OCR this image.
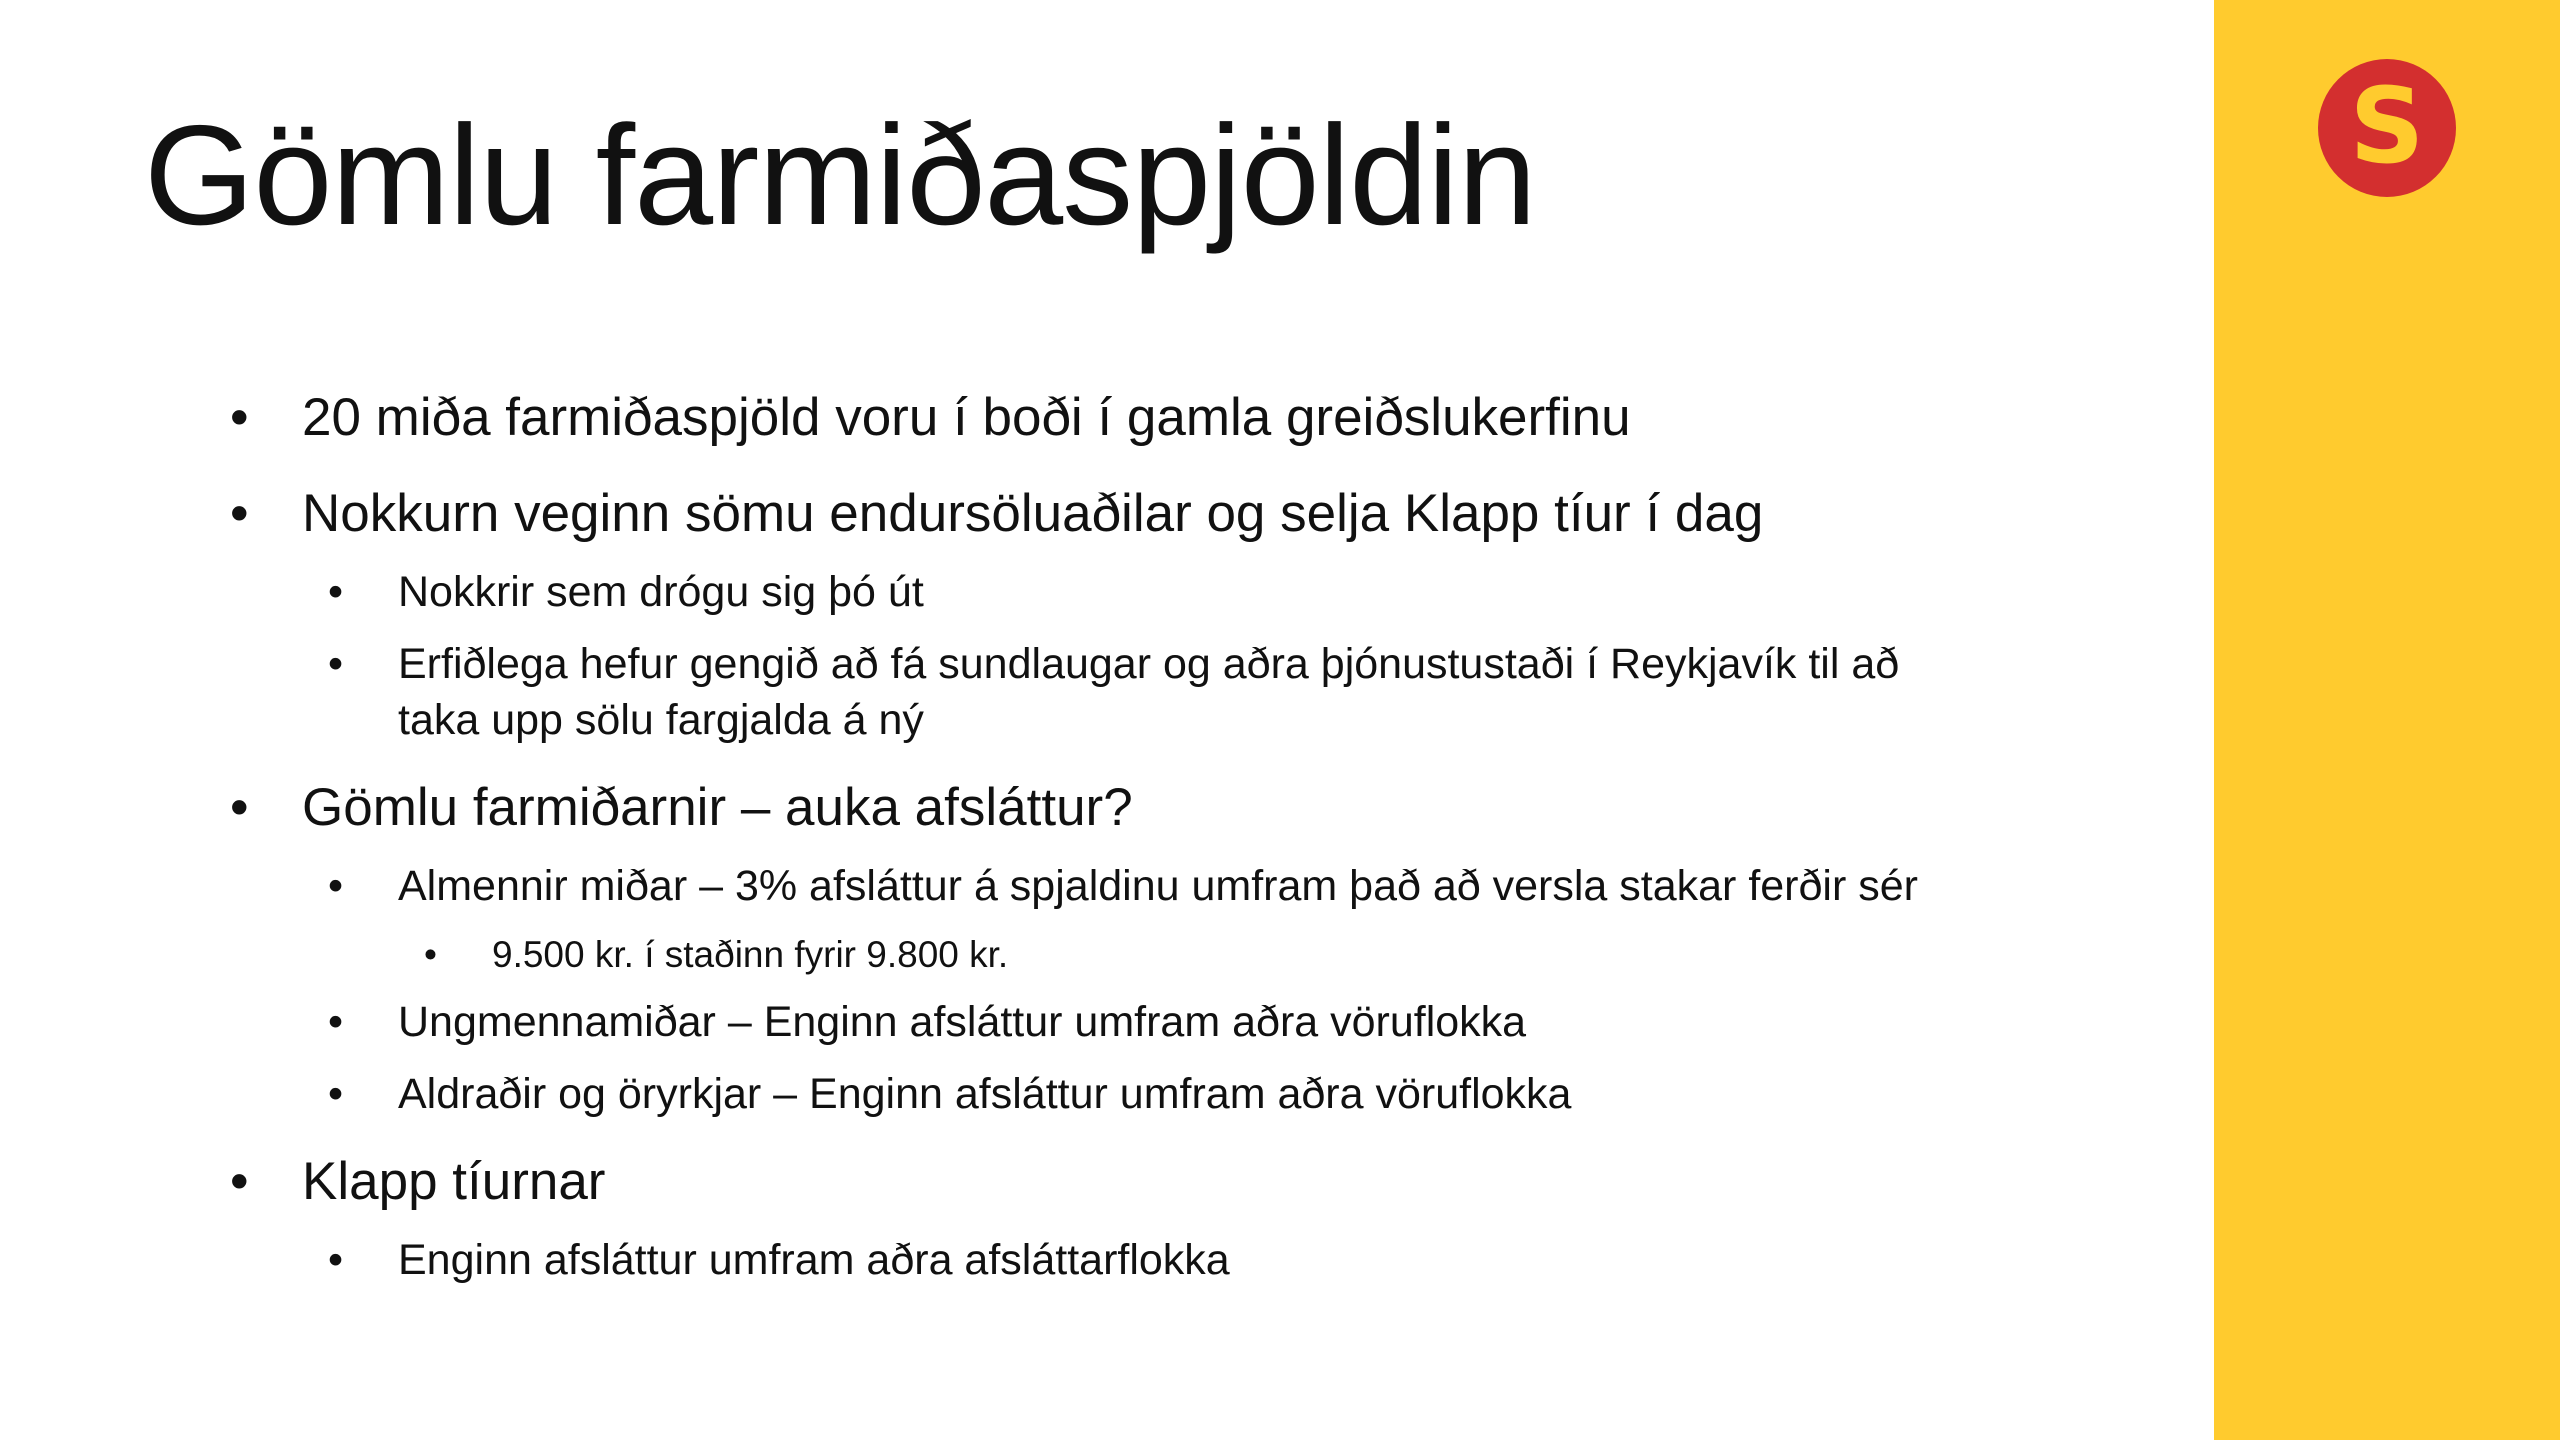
S
Gömlu farmiðaspjöldin
• 20 miða farmiðaspjöld voru í boði í gamla greiðslukerfinu
• Nokkurn veginn sömu endursöluaðilar og selja Klapp tíur í dag
• Nokkrir sem drógu sig þó út
• Erfiðlega hefur gengið að fá sundlaugar og aðra þjónustustaði í Reykjavík til að
taka upp sölu fargjalda á ný
• Gömlu farmiðarnir – auka afsláttur?
• Almennir miðar – 3% afsláttur á spjaldinu umfram það að versla stakar ferðir sér
• 9.500 kr. í staðinn fyrir 9.800 kr.
• Ungmennamiðar – Enginn afsláttur umfram aðra vöruflokka
• Aldraðir og öryrkjar – Enginn afsláttur umfram aðra vöruflokka
• Klapp tíurnar
• Enginn afsláttur umfram aðra afsláttarflokka
